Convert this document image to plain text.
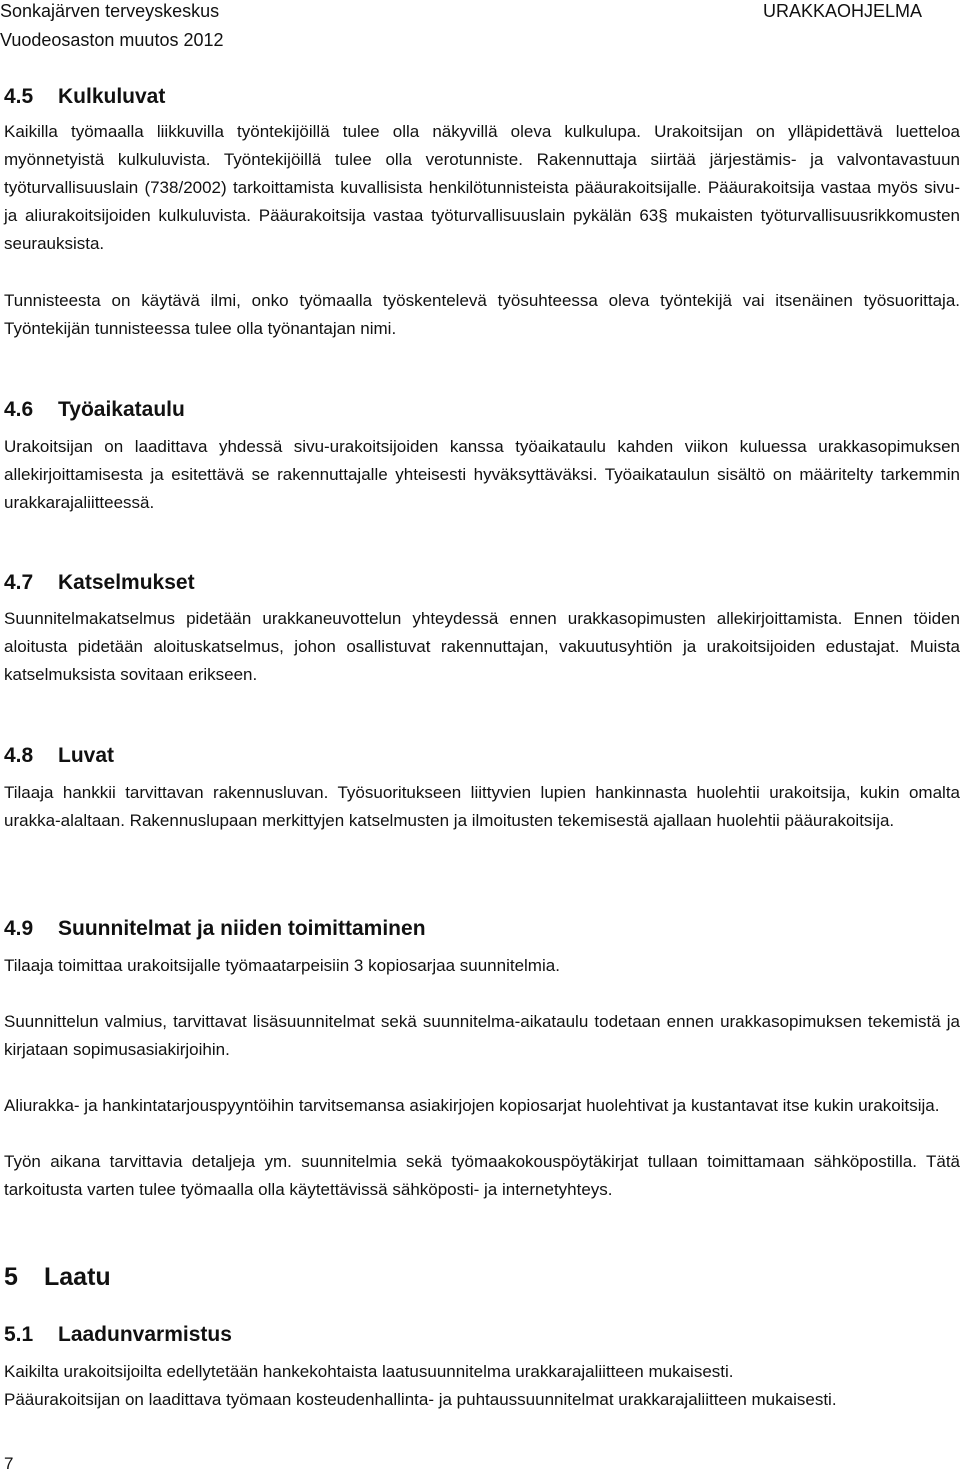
Sonkajärven terveyskeskus
Vuodeosaston muutos 2012
URAKKAOHJELMA
4.5 Kulkuluvat

Kaikilla työmaalla liikkuvilla työntekijöillä tulee olla näkyvillä oleva kulkulupa. Urakoitsijan on ylläpidettävä luetteloa myönnetyistä kulkuluvista. Työntekijöillä tulee olla verotunniste. Rakennuttaja siirtää järjestämis- ja valvontavastuun työturvallisuuslain (738/2002) tarkoittamista kuvallisista henkilötunnisteista pääurakoitsijalle. Pääurakoitsija vastaa myös sivu- ja aliurakoitsijoiden kulkuluvista. Pääurakoitsija vastaa työturvallisuuslain pykälän 63§ mukaisten työturvallisuusrikkomusten seurauksista.

Tunnisteesta on käytävä ilmi, onko työmaalla työskentelevä työsuhteessa oleva työntekijä vai itsenäinen työsuorittaja. Työntekijän tunnisteessa tulee olla työnantajan nimi.

4.6 Työaikataulu

Urakoitsijan on laadittava yhdessä sivu-urakoitsijoiden kanssa työaikataulu kahden viikon kuluessa urakkasopimuksen allekirjoittamisesta ja esitettävä se rakennuttajalle yhteisesti hyväksyttäväksi. Työaikataulun sisältö on määritelty tarkemmin urakkarajaliitteessä.

4.7 Katselmukset

Suunnitelmakatselmus pidetään urakkaneuvottelun yhteydessä ennen urakkasopimusten allekirjoittamista. Ennen töiden aloitusta pidetään aloituskatselmus, johon osallistuvat rakennuttajan, vakuutusyhtiön ja urakoitsijoiden edustajat. Muista katselmuksista sovitaan erikseen.

4.8 Luvat

Tilaaja hankkii tarvittavan rakennusluvan. Työsuoritukseen liittyvien lupien hankinnasta huolehtii urakoitsija, kukin omalta urakka-alaltaan. Rakennuslupaan merkittyjen katselmusten ja ilmoitusten tekemisestä ajallaan huolehtii pääurakoitsija.

4.9 Suunnitelmat ja niiden toimittaminen

Tilaaja toimittaa urakoitsijalle työmaatarpeisiin 3 kopiosarjaa suunnitelmia.

Suunnittelun valmius, tarvittavat lisäsuunnitelmat sekä suunnitelma-aikataulu todetaan ennen urakkasopimuksen tekemistä ja kirjataan sopimusasiakirjoihin.

Aliurakka- ja hankintatarjouspyyntöihin tarvitsemansa asiakirjojen kopiosarjat huolehtivat ja kustantavat itse kukin urakoitsija.

Työn aikana tarvittavia detaljeja ym. suunnitelmia sekä työmaakokouspöytäkirjat tullaan toimittamaan sähköpostilla. Tätä tarkoitusta varten tulee työmaalla olla käytettävissä sähköposti- ja internetyhteys.

5 Laatu
5.1 Laadunvarmistus

Kaikilta urakoitsijoilta edellytetään hankekohtaista laatusuunnitelma urakkarajaliitteen mukaisesti.

Pääurakoitsijan on laadittava työmaan kosteudenhallinta- ja puhtaussuunnitelmat urakkarajaliitteen mukaisesti.

7
